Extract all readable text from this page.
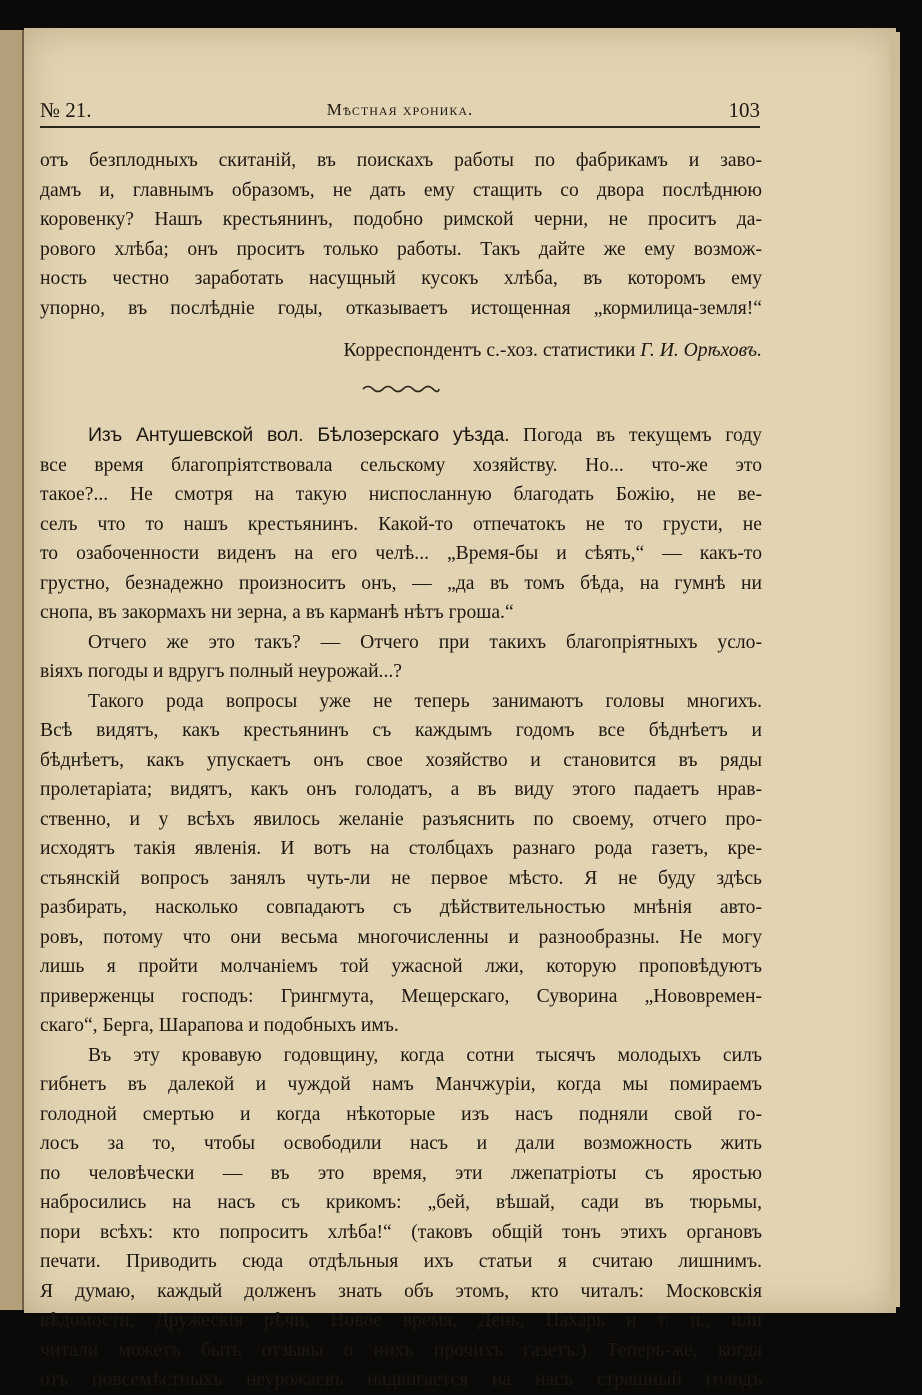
№ 21.	Мѣстная хроника.	103
отъ безплодныхъ скитаній, въ поискахъ работы по фабрикамъ и заво-
дамъ и, главнымъ образомъ, не дать ему стащить со двора послѣднюю
коровенку? Нашъ крестьянинъ, подобно римской черни, не проситъ да-
рового хлѣба; онъ проситъ только работы. Такъ дайте же ему возмож-
ность честно заработать насущный кусокъ хлѣба, въ которомъ ему
упорно, въ послѣдніе годы, отказываетъ истощенная „кормилица-земля!“
Корреспондентъ с.-хоз. статистики Г. И. Орѣховъ.
Изъ Антушевской вол. Бѣлозерскаго уѣзда. Погода въ текущемъ году
все время благопріятствовала сельскому хозяйству. Но... что-же это
такое?... Не смотря на такую ниспосланную благодать Божію, не ве-
селъ что то нашъ крестьянинъ. Какой-то отпечатокъ не то грусти, не
то озабоченности виденъ на его челѣ... „Время-бы и сѣять,“ — какъ-то
грустно, безнадежно произноситъ онъ, — „да въ томъ бѣда, на гумнѣ ни
снопа, въ закормахъ ни зерна, а въ карманѣ нѣтъ гроша.“
Отчего же это такъ? — Отчего при такихъ благопріятныхъ усло-
віяхъ погоды и вдругъ полный неурожай...?
Такого рода вопросы уже не теперь занимаютъ головы многихъ.
Всѣ видятъ, какъ крестьянинъ съ каждымъ годомъ все бѣднѣетъ и
бѣднѣетъ, какъ упускаетъ онъ свое хозяйство и становится въ ряды
пролетаріата; видятъ, какъ онъ голодатъ, а въ виду этого падаетъ нрав-
ственно, и у всѣхъ явилось желаніе разъяснить по своему, отчего про-
исходятъ такія явленія. И вотъ на столбцахъ разнаго рода газетъ, кре-
стьянскій вопросъ занялъ чуть-ли не первое мѣсто. Я не буду здѣсь
разбирать, насколько совпадаютъ съ дѣйствительностью мнѣнія авто-
ровъ, потому что они весьма многочисленны и разнообразны. Не могу
лишь я пройти молчаніемъ той ужасной лжи, которую проповѣдуютъ
приверженцы господъ: Грингмута, Мещерскаго, Суворина „Нововремен-
скаго“, Берга, Шарапова и подобныхъ имъ.
Въ эту кровавую годовщину, когда сотни тысячъ молодыхъ силъ
гибнетъ въ далекой и чуждой намъ Манчжуріи, когда мы помираемъ
голодной смертью и когда нѣкоторые изъ насъ подняли свой го-
лосъ за то, чтобы освободили насъ и дали возможность жить
по человѣчески — въ это время, эти лжепатріоты съ яростью
набросились на насъ съ крикомъ: „бей, вѣшай, сади въ тюрьмы,
пори всѣхъ: кто попроситъ хлѣба!“ (таковъ общій тонъ этихъ органовъ
печати. Приводить сюда отдѣльныя ихъ статьи я считаю лишнимъ.
Я думаю, каждый долженъ знать объ этомъ, кто читалъ: Московскія
вѣдомости, Дружескія рѣчи, Новое время, День, Пахарь и т. п., или
читали можетъ быть отзывы о нихъ прочихъ газетъ.) Теперь-же, когда
отъ повсемѣстныхъ неурожаевъ надвигается на насъ страшный голодъ
